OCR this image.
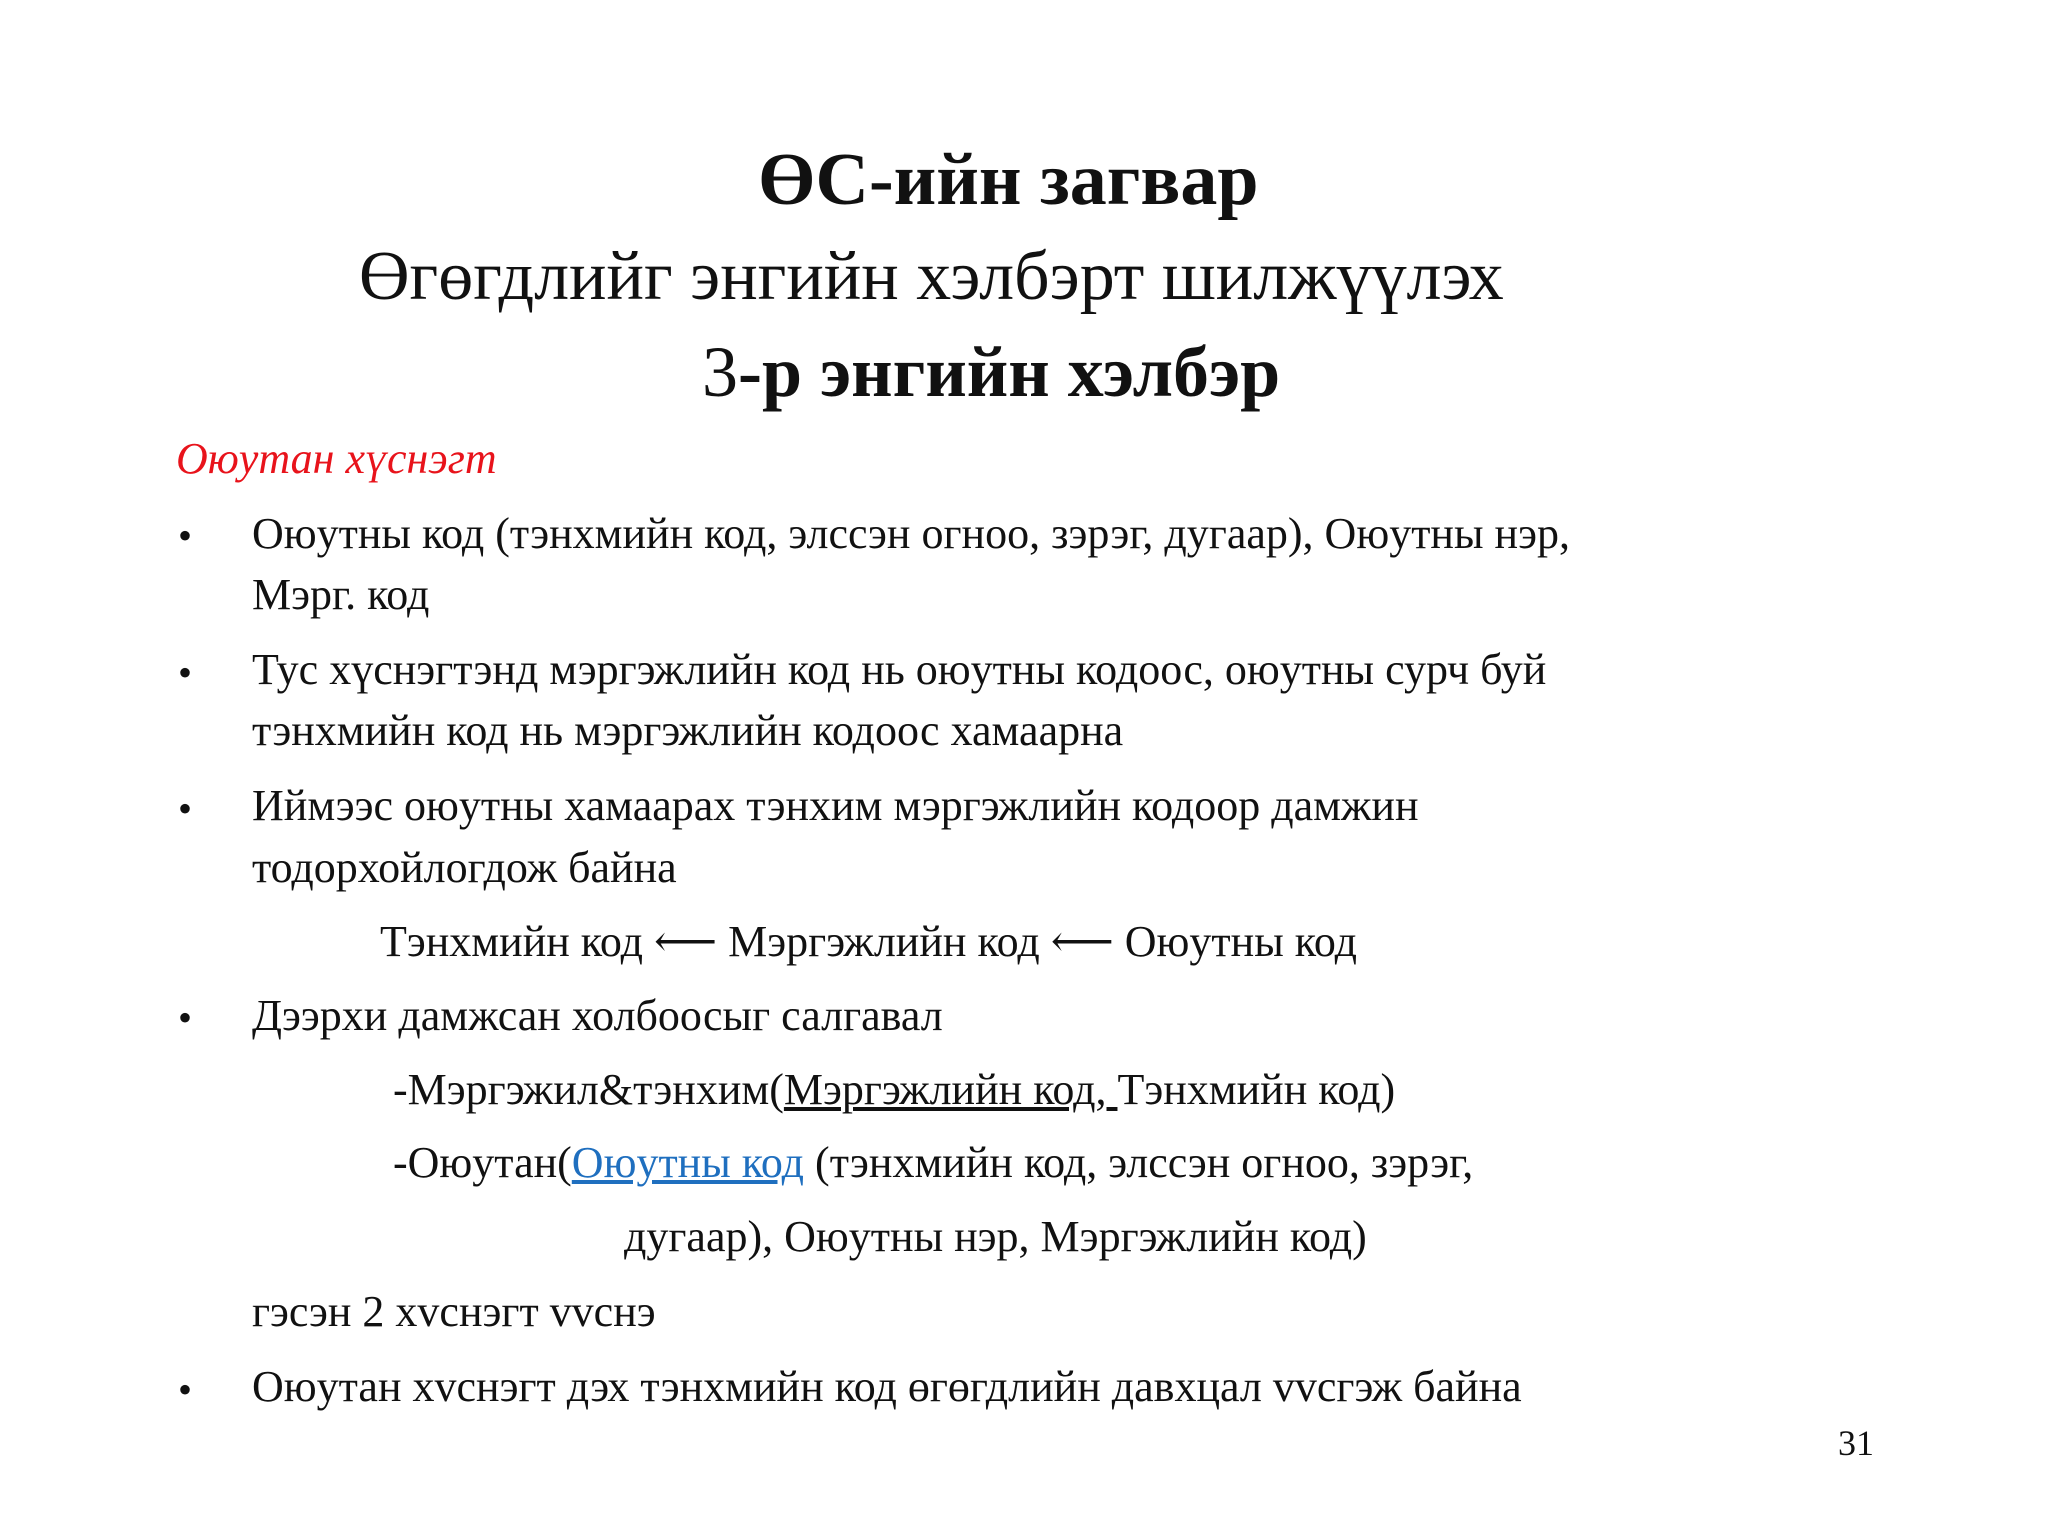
ӨС-ийн загвар
Өгөгдлийг энгийн хэлбэрт шилжүүлэх
3-р энгийн хэлбэр
Оюутан хүснэгт
• Оюутны код (тэнхмийн код, элссэн огноо, зэрэг, дугаар), Оюутны нэр,
Мэрг. код
• Тус хүснэгтэнд мэргэжлийн код нь оюутны кодоос, оюутны сурч буй
тэнхмийн код нь мэргэжлийн кодоос хамаарна
• Иймээс оюутны хамаарах тэнхим мэргэжлийн кодоор дамжин
тодорхойлогдож байна
Тэнхмийн код ⟵ Мэргэжлийн код ⟵ Оюутны код
• Дээрхи дамжсан холбоосыг салгавал
-Мэргэжил&тэнхим(Мэргэжлийн код, Тэнхмийн код)
-Оюутан(Оюутны код (тэнхмийн код, элссэн огноо, зэрэг,
дугаар), Оюутны нэр, Мэргэжлийн код)
гэсэн 2 хvснэгт vvснэ
• Оюутан хvснэгт дэх тэнхмийн код өгөгдлийн давхцал vvсгэж байна
31
